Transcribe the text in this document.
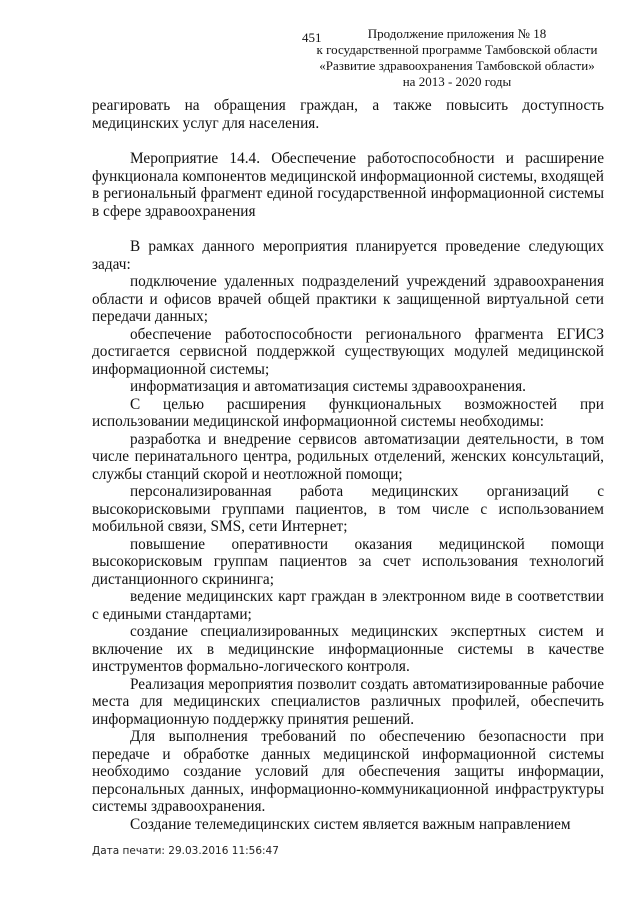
451	Продолжение приложения № 18
к государственной программе Тамбовской области
«Развитие здравоохранения Тамбовской области»
на 2013 - 2020 годы

реагировать на обращения граждан, а также повысить доступность медицинских услуг для населения.

Мероприятие 14.4. Обеспечение работоспособности и расширение функционала компонентов медицинской информационной системы, входящей в региональный фрагмент единой государственной информационной системы в сфере здравоохранения

В рамках данного мероприятия планируется проведение следующих задач:

подключение удаленных подразделений учреждений здравоохранения области и офисов врачей общей практики к защищенной виртуальной сети передачи данных;

обеспечение работоспособности регионального фрагмента ЕГИСЗ достигается сервисной поддержкой существующих модулей медицинской информационной системы;

информатизация и автоматизация системы здравоохранения.

С целью расширения функциональных возможностей при использовании медицинской информационной системы необходимы:

разработка и внедрение сервисов автоматизации деятельности, в том числе перинатального центра, родильных отделений, женских консультаций, службы станций скорой и неотложной помощи;

персонализированная работа медицинских организаций с высокорисковыми группами пациентов, в том числе с использованием мобильной связи, SMS, сети Интернет;

повышение оперативности оказания медицинской помощи высокорисковым группам пациентов за счет использования технологий дистанционного скрининга;

ведение медицинских карт граждан в электронном виде в соответствии с едиными стандартами;

создание специализированных медицинских экспертных систем и включение их в медицинские информационные системы в качестве инструментов формально-логического контроля.

Реализация мероприятия позволит создать автоматизированные рабочие места для медицинских специалистов различных профилей, обеспечить информационную поддержку принятия решений.

Для выполнения требований по обеспечению безопасности при передаче и обработке данных медицинской информационной системы необходимо создание условий для обеспечения защиты информации, персональных данных, информационно-коммуникационной инфраструктуры системы здравоохранения.

Создание телемедицинских систем является важным направлением

Дата печати: 29.03.2016 11:56:47
